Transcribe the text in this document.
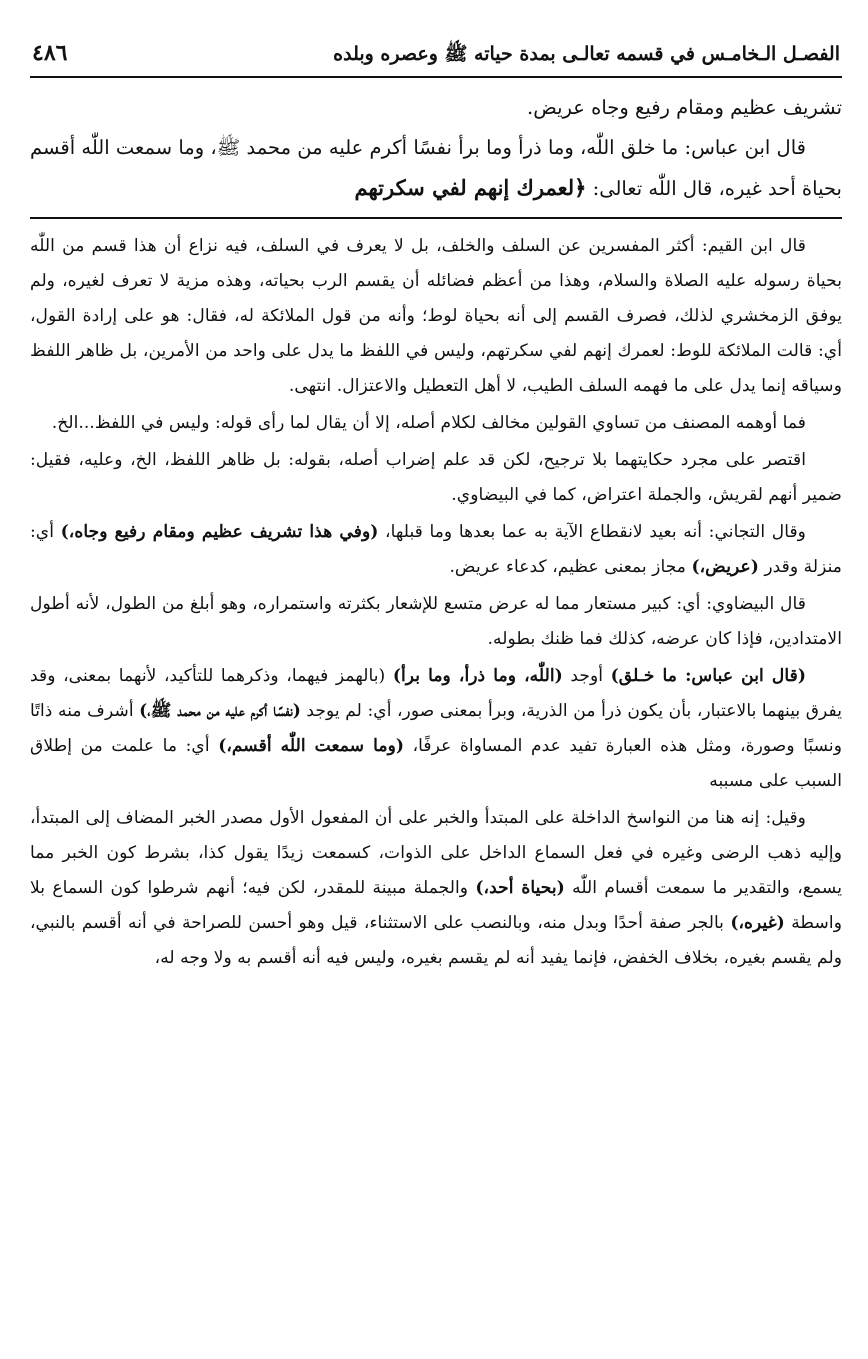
الفصـل الـخامـس في قسمه تعالـى بمدة حياته ﷺ وعصره وبلده
٤٨٦

تشريف عظيم ومقام رفيع وجاه عريض.

قال ابن عباس: ما خلق اللّٰه، وما ذرأ وما برأ نفسًا أكرم عليه من محمد ﷺ، وما سمعت اللّٰه أقسم بحياة أحد غيره، قال اللّٰه تعالى: ﴿لعمرك إنهم لفي سكرتهم

قال ابن القيم: أكثر المفسرين عن السلف والخلف، بل لا يعرف في السلف، فيه نزاع أن هذا قسم من اللّٰه بحياة رسوله عليه الصلاة والسلام، وهذا من أعظم فضائله أن يقسم الرب بحياته، وهذه مزية لا تعرف لغيره، ولم يوفق الزمخشري لذلك، فصرف القسم إلى أنه بحياة لوط؛ وأنه من قول الملائكة له، فقال: هو على إرادة القول، أي: قالت الملائكة للوط: لعمرك إنهم لفي سكرتهم، وليس في اللفظ ما يدل على واحد من الأمرين، بل ظاهر اللفظ وسياقه إنما يدل على ما فهمه السلف الطيب، لا أهل التعطيل والاعتزال. انتهى.

فما أوهمه المصنف من تساوي القولين مخالف لكلام أصله، إلا أن يقال لما رأى قوله: وليس في اللفظ...الخ.

اقتصر على مجرد حكايتهما بلا ترجيح، لكن قد علم إضراب أصله، بقوله: بل ظاهر اللفظ، الخ، وعليه، فقيل: ضمير أنهم لقريش، والجملة اعتراض، كما في البيضاوي.

وقال التجاني: أنه بعيد لانقطاع الآية به عما بعدها وما قبلها، (وفي هذا تشريف عظيم ومقام رفيع وجاه،) أي: منزلة وقدر (عريض،) مجاز بمعنى عظيم، كدعاء عريض.

قال البيضاوي: أي: كبير مستعار مما له عرض متسع للإشعار بكثرته واستمراره، وهو أبلغ من الطول، لأنه أطول الامتدادين، فإذا كان عرضه، كذلك فما ظنك بطوله.

(قال ابن عباس: ما خـلق) أوجد (اللّٰه، وما ذرأ، وما برأ) (بالهمز فيهما، وذكرهما للتأكيد، لأنهما بمعنى، وقد يفرق بينهما بالاعتبار، بأن يكون ذرأ من الذرية، وبرأ بمعنى صور، أي: لم يوجد (نفسًا أكرم عليه من محمد ﷺ،) أشرف منه ذاتًا ونسبًا وصورة، ومثل هذه العبارة تفيد عدم المساواة عرفًا، (وما سمعت اللّٰه أقسم،) أي: ما علمت من إطلاق السبب على مسببه

وقيل: إنه هنا من النواسخ الداخلة على المبتدأ والخبر على أن المفعول الأول مصدر الخبر المضاف إلى المبتدأ، وإليه ذهب الرضى وغيره في فعل السماع الداخل على الذوات، كسمعت زيدًا يقول كذا، بشرط كون الخبر مما يسمع، والتقدير ما سمعت أقسام اللّٰه (بحياة أحد،) والجملة مبينة للمقدر، لكن فيه؛ أنهم شرطوا كون السماع بلا واسطة (غيره،) بالجر صفة أحدًا وبدل منه، وبالنصب على الاستثناء، قيل وهو أحسن للصراحة في أنه أقسم بالنبي، ولم يقسم بغيره، بخلاف الخفض، فإنما يفيد أنه لم يقسم بغيره، وليس فيه أنه أقسم به ولا وجه له،
